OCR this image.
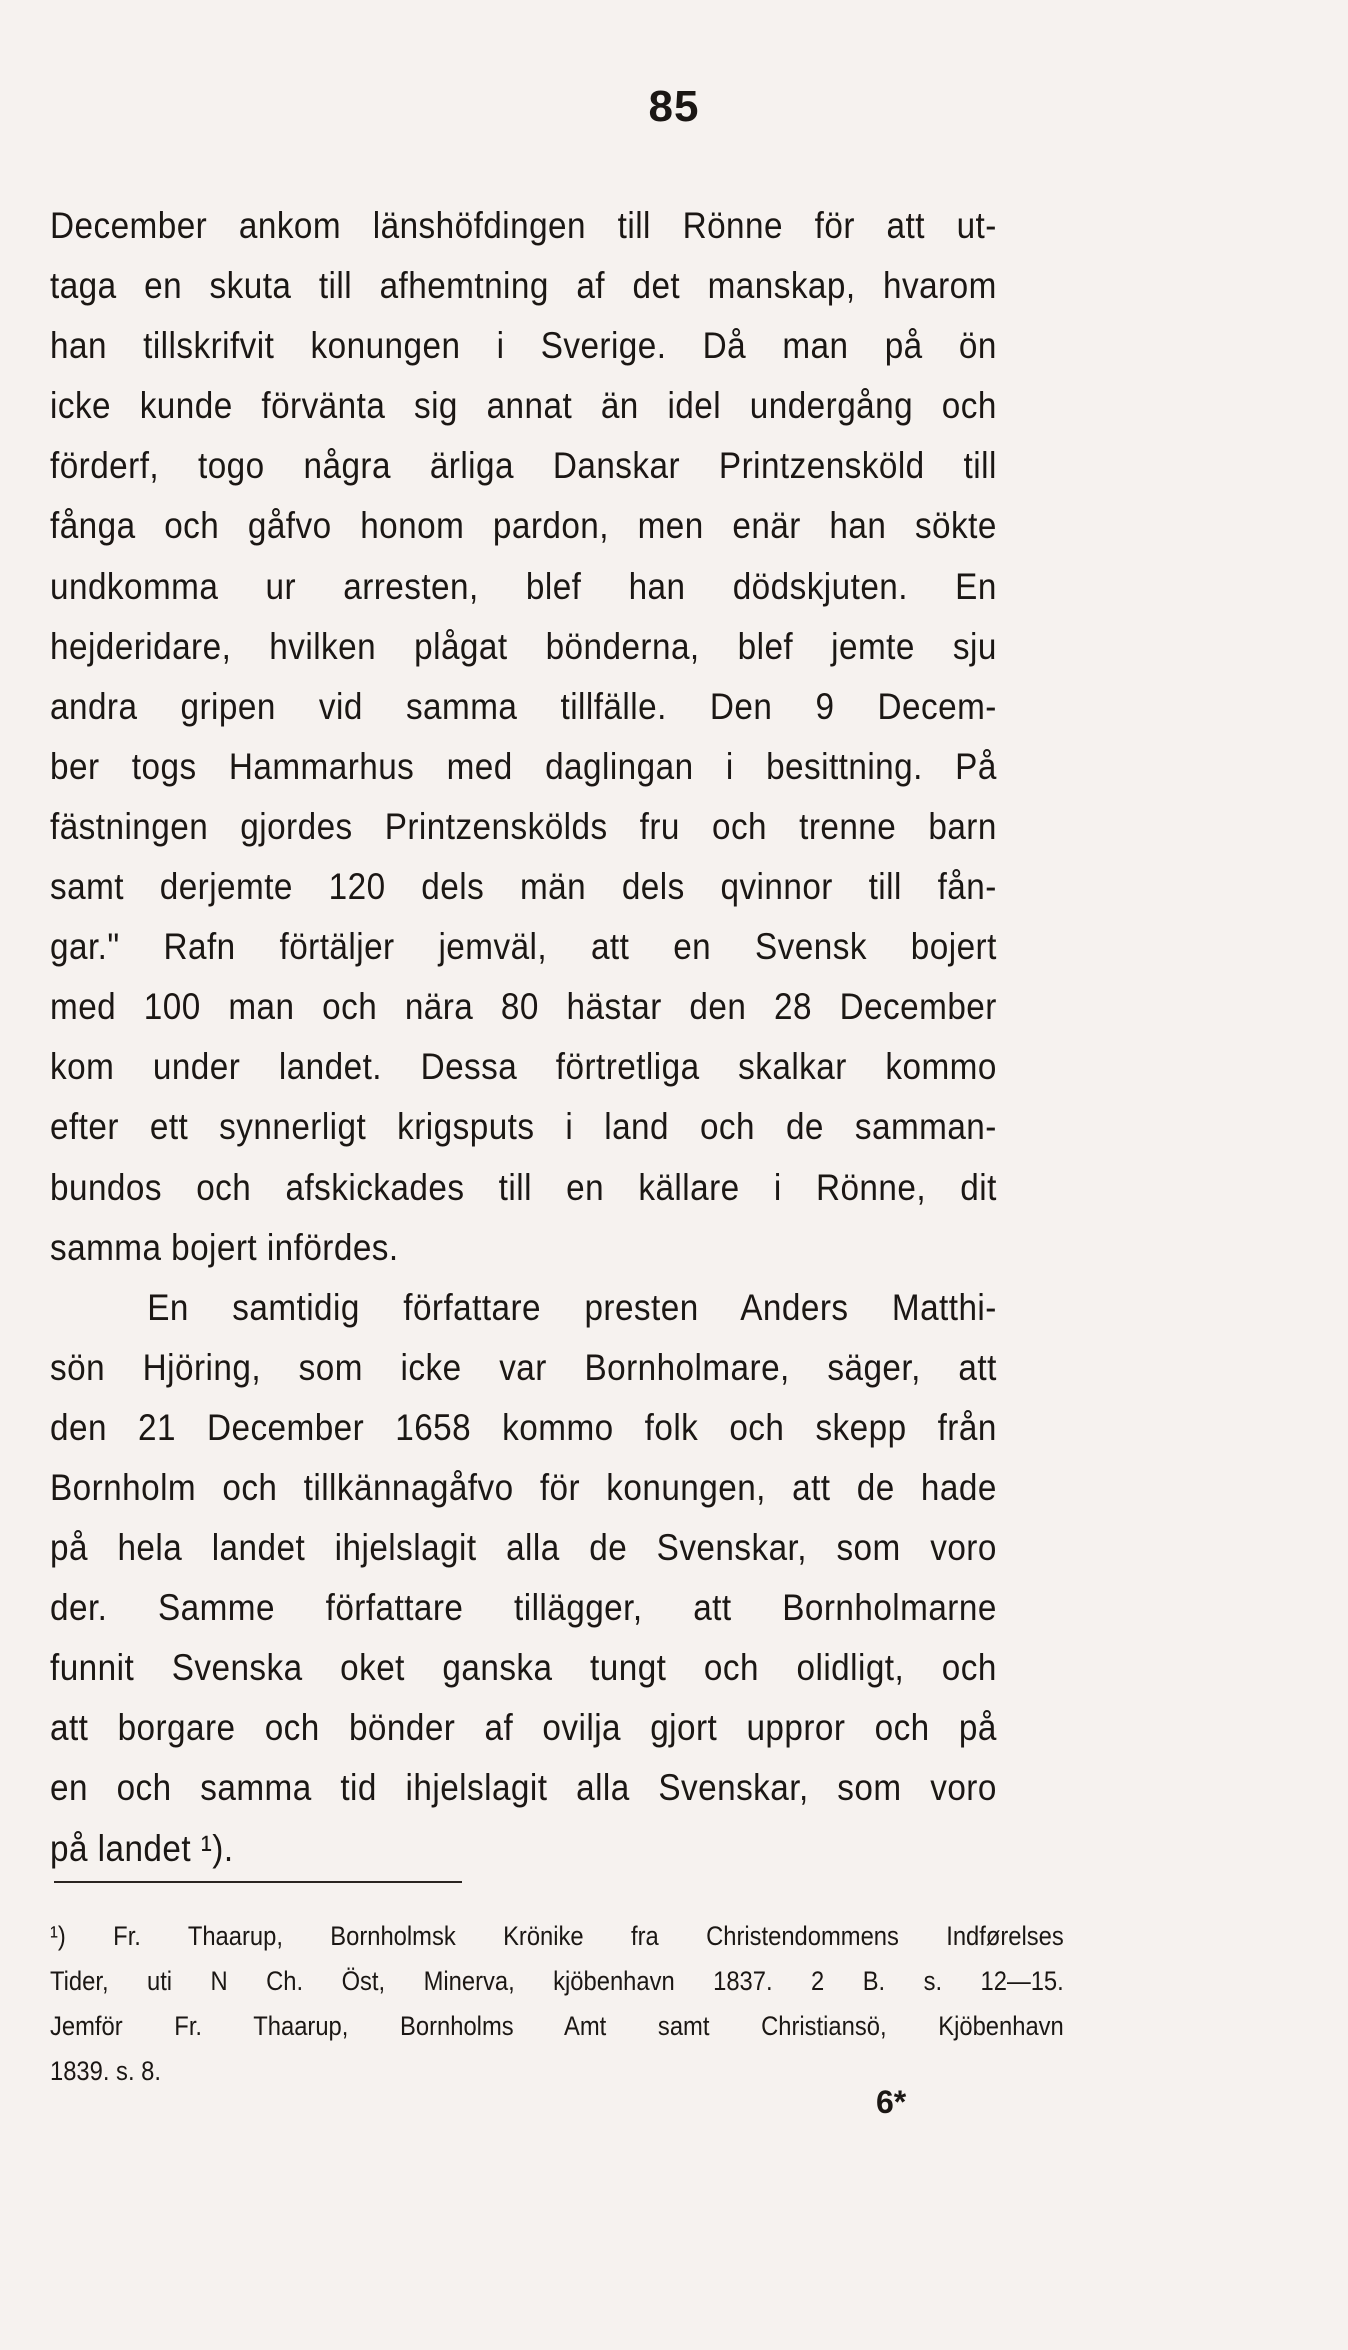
85
December ankom länshöfdingen till Rönne för att ut-
taga en skuta till afhemtning af det manskap, hvarom
han tillskrifvit konungen i Sverige. Då man på ön
icke kunde förvänta sig annat än idel undergång och
förderf, togo några ärliga Danskar Printzensköld till
fånga och gåfvo honom pardon, men enär han sökte
undkomma ur arresten, blef han dödskjuten. En
hejderidare, hvilken plågat bönderna, blef jemte sju
andra gripen vid samma tillfälle. Den 9 Decem-
ber togs Hammarhus med daglingan i besittning. På
fästningen gjordes Printzenskölds fru och trenne barn
samt derjemte 120 dels män dels qvinnor till fån-
gar." Rafn förtäljer jemväl, att en Svensk bojert
med 100 man och nära 80 hästar den 28 December
kom under landet. Dessa förtretliga skalkar kommo
efter ett synnerligt krigsputs i land och de samman-
bundos och afskickades till en källare i Rönne, dit
samma bojert infördes.
En samtidig författare presten Anders Matthi-
sön Hjöring, som icke var Bornholmare, säger, att
den 21 December 1658 kommo folk och skepp från
Bornholm och tillkännagåfvo för konungen, att de hade
på hela landet ihjelslagit alla de Svenskar, som voro
der. Samme författare tillägger, att Bornholmarne
funnit Svenska oket ganska tungt och olidligt, och
att borgare och bönder af ovilja gjort uppror och på
en och samma tid ihjelslagit alla Svenskar, som voro
på landet ¹).
¹) Fr. Thaarup, Bornholmsk Krönike fra Christendommens Indførelses
Tider, uti N Ch. Öst, Minerva, kjöbenhavn 1837. 2 B. s. 12—15.
Jemför Fr. Thaarup, Bornholms Amt samt Christiansö, Kjöbenhavn
1839. s. 8.
6*
